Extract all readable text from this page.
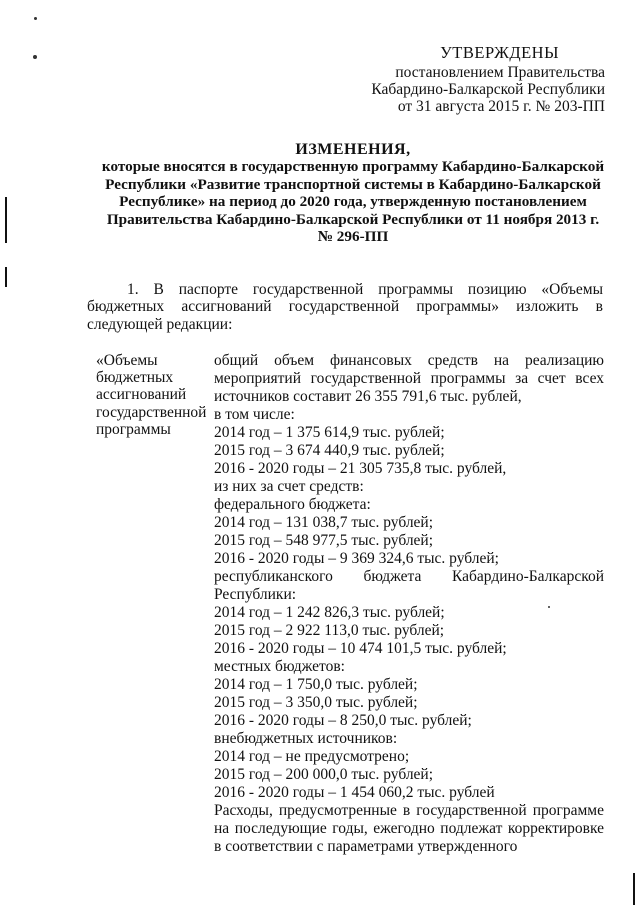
УТВЕРЖДЕНЫ
постановлением Правительства
Кабардино-Балкарской Республики
от 31 августа 2015 г. № 203-ПП
ИЗМЕНЕНИЯ,
которые вносятся в государственную программу Кабардино-Балкарской
Республики «Развитие транспортной системы в Кабардино-Балкарской
Республике» на период до 2020 года, утвержденную постановлением
Правительства Кабардино-Балкарской Республики от 11 ноября 2013 г.
№ 296-ПП
1. В паспорте государственной программы позицию «Объемы бюджетных ассигнований государственной программы» изложить в следующей редакции:
«Объемы
бюджетных
ассигнований
государственной
программы
общий объем финансовых средств на реализацию мероприятий государственной программы за счет всех источников составит 26 355 791,6 тыс. рублей,
в том числе:
2014 год – 1 375 614,9 тыс. рублей;
2015 год – 3 674 440,9 тыс. рублей;
2016 - 2020 годы – 21 305 735,8 тыс. рублей,
из них за счет средств:
федерального бюджета:
2014 год – 131 038,7 тыс. рублей;
2015 год – 548 977,5 тыс. рублей;
2016 - 2020 годы – 9 369 324,6 тыс. рублей;
республиканского бюджета Кабардино-Балкарской Республики:
2014 год – 1 242 826,3 тыс. рублей;
2015 год – 2 922 113,0 тыс. рублей;
2016 - 2020 годы – 10 474 101,5 тыс. рублей;
местных бюджетов:
2014 год – 1 750,0 тыс. рублей;
2015 год – 3 350,0 тыс. рублей;
2016 - 2020 годы – 8 250,0 тыс. рублей;
внебюджетных источников:
2014 год – не предусмотрено;
2015 год – 200 000,0 тыс. рублей;
2016 - 2020 годы – 1 454 060,2 тыс. рублей
Расходы, предусмотренные в государственной программе на последующие годы, ежегодно подлежат корректировке в соответствии с параметрами утвержденного
